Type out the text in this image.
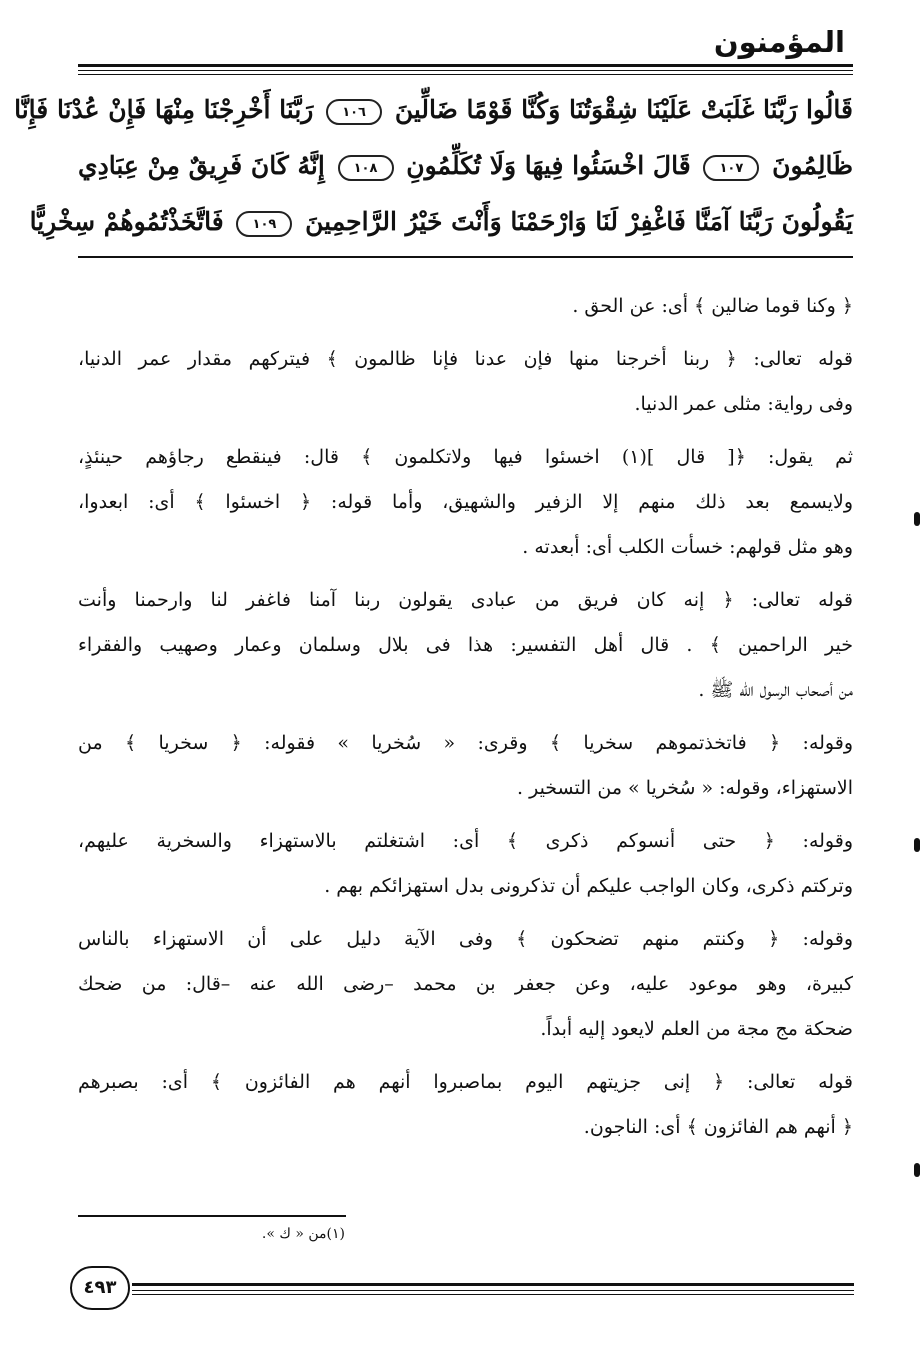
المؤمنون
قَالُوا رَبَّنَا غَلَبَتْ عَلَيْنَا شِقْوَتُنَا وَكُنَّا قَوْمًا ضَالِّينَ ١٠٦ رَبَّنَا أَخْرِجْنَا مِنْهَا فَإِنْ عُدْنَا فَإِنَّا
ظَالِمُونَ ١٠٧ قَالَ اخْسَئُوا فِيهَا وَلَا تُكَلِّمُونِ ١٠٨ إِنَّهُ كَانَ فَرِيقٌ مِنْ عِبَادِي
يَقُولُونَ رَبَّنَا آمَنَّا فَاغْفِرْ لَنَا وَارْحَمْنَا وَأَنْتَ خَيْرُ الرَّاحِمِينَ ١٠٩ فَاتَّخَذْتُمُوهُمْ سِخْرِيًّا
﴿ وكنا قوما ضالين ﴾ أى: عن الحق .
قوله تعالى: ﴿ ربنا أخرجنا منها فإن عدنا فإنا ظالمون ﴾ فيتركهم مقدار عمر الدنيا،
وفى رواية: مثلى عمر الدنيا.
ثم يقول: ﴿[ قال ](١) اخسئوا فيها ولاتكلمون ﴾ قال: فينقطع رجاؤهم حينئذٍ،
ولايسمع بعد ذلك منهم إلا الزفير والشهيق، وأما قوله: ﴿ اخسئوا ﴾ أى: ابعدوا،
وهو مثل قولهم: خسأت الكلب أى: أبعدته .
قوله تعالى: ﴿ إنه كان فريق من عبادى يقولون ربنا آمنا فاغفر لنا وارحمنا وأنت
خير الراحمين ﴾ . قال أهل التفسير: هذا فى بلال وسلمان وعمار وصهيب والفقراء
من أصحاب الرسول الله ﷺ .
وقوله: ﴿ فاتخذتموهم سخريا ﴾ وقرى: « سُخريا » فقوله: ﴿ سخريا ﴾ من
الاستهزاء، وقوله: « سُخريا » من التسخير .
وقوله: ﴿ حتى أنسوكم ذكرى ﴾ أى: اشتغلتم بالاستهزاء والسخرية عليهم،
وتركتم ذكرى، وكان الواجب عليكم أن تذكرونى بدل استهزائكم بهم .
وقوله: ﴿ وكنتم منهم تضحكون ﴾ وفى الآية دليل على أن الاستهزاء بالناس
كبيرة، وهو موعود عليه، وعن جعفر بن محمد –رضى الله عنه –قال: من ضحك
ضحكة مج مجة من العلم لايعود إليه أبداً.
قوله تعالى: ﴿ إنى جزيتهم اليوم بماصبروا أنهم هم الفائزون ﴾ أى: بصبرهم
﴿ أنهم هم الفائزون ﴾ أى: الناجون.
(١)من « ك ».
٤٩٣
